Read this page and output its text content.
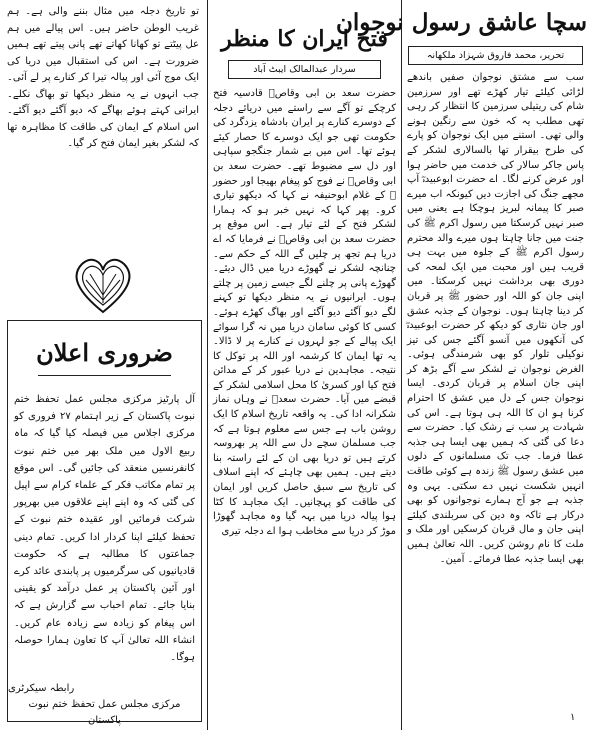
سچا عاشق رسول نوجوان
تحریر، محمد فاروق شہزاد ملکھانہ
سب سے مشتق نوجوان صفیں باندھے لڑائی کیلئے تیار کھڑے تھے اور سرزمین شام کی ریتیلی سرزمین کا انتظار کر رہی تھی مطلب یہ کہ خون سے رنگین ہونے والی تھی۔ استنے میں ایک نوجوان کو پارے کی طرح بیقرار تھا بالسالاری لشکر کے پاس جاکر سالار کی خدمت میں حاضر ہوا اور عرض کرنے لگا۔ اے حضرت ابوعبیدہؓ آپ مجھے جنگ کی اجازت دیں کیونکہ اب میرے صبر کا پیمانہ لبریز ہوچکا ہے یعنی میں صبر نہیں کرسکتا میں رسول اکرم ﷺ کی جنت میں جانا چاہتا ہوں میرے والد محترم رسول اکرم ﷺ کے جلوہ میں بہت ہی قریب ہیں اور محبت میں ایک لمحہ کی دوری بھی برداشت نہیں کرسکتا۔ میں اپنی جان کو اللہ اور حضور ﷺ پر قربان کر دینا چاہتا ہوں۔ نوجوان کے جذبہ عشق اور جان نثاری کو دیکھ کر حضرت ابوعبیدہؓ کی آنکھوں میں آنسو آگئے جس کی تیز نوکیلی تلوار کو بھی شرمندگی ہوئی۔ الغرض نوجوان نے لشکر سے آگے بڑھ کر اپنی جان اسلام پر قربان کردی۔ ایسا نوجوان جس کے دل میں عشق کا احترام کرنا ہو ان کا اللہ ہی ہوتا ہے۔ اس کی شہادت پر سب نے رشک کیا۔ حضرت سے دعا کی گئی کہ ہمیں بھی ایسا ہی جذبہ عطا فرما۔ جب تک مسلمانوں کے دلوں میں عشق رسول ﷺ زندہ ہے کوئی طاقت انہیں شکست نہیں دے سکتی۔ یہی وہ جذبہ ہے جو آج ہمارے نوجوانوں کو بھی درکار ہے تاکہ وہ دین کی سربلندی کیلئے اپنی جان و مال قربان کرسکیں اور ملک و ملت کا نام روشن کریں۔ اللہ تعالیٰ ہمیں بھی ایسا جذبہ عطا فرمائے۔ آمین۔
فتح ایران کا منظر
سردار عبدالمالک ایبٹ آباد
حضرت سعد بن ابی وقاصؓ قادسیہ فتح کرچکے تو آگے سے راستے میں دریائے دجلہ کے دوسرے کنارے پر ایران بادشاہ یزدگرد کی حکومت تھی جو ایک دوسرے کا حصار کیئے ہوئے تھا۔ اس میں بے شمار جنگجو سپاہی اور دل سے مضبوط تھے۔ حضرت سعد بن ابی وقاصؓ نے فوج کو پیغام بھیجا اور حضور ﷺ کے غلام ابوحنیفہ نے کہا کہ دیکھو تیاری کرو۔ پھر کہا کہ نہیں خبر ہو کہ ہمارا لشکر فتح کے لئے تیار ہے۔ اس موقع پر حضرت سعد بن ابی وقاصؓ نے فرمایا کہ اے دریا ہم تجھ پر چلیں گے اللہ کے حکم سے۔ چنانچہ لشکر نے گھوڑے دریا میں ڈال دیئے۔ گھوڑے پانی پر چلنے لگے جیسے زمین پر چلتے ہوں۔ ایرانیوں نے یہ منظر دیکھا تو کہنے لگے دیو آگئے دیو آگئے اور بھاگ کھڑے ہوئے۔ کسی کا کوئی سامان دریا میں نہ گرا سوائے ایک پیالے کے جو لہروں نے کنارے پر لا ڈالا۔ یہ تھا ایمان کا کرشمہ اور اللہ پر توکل کا نتیجہ۔ مجاہدین نے دریا عبور کر کے مدائن فتح کیا اور کسریٰ کا محل اسلامی لشکر کے قبضے میں آیا۔ حضرت سعدؓ نے وہاں نماز شکرانہ ادا کی۔ یہ واقعہ تاریخ اسلام کا ایک روشن باب ہے جس سے معلوم ہوتا ہے کہ جب مسلمان سچے دل سے اللہ پر بھروسہ کرتے ہیں تو دریا بھی ان کے لئے راستہ بنا دیتے ہیں۔ ہمیں بھی چاہئے کہ اپنے اسلاف کی تاریخ سے سبق حاصل کریں اور ایمان کی طاقت کو پہچانیں۔ ایک مجاہد کا کٹا ہوا پیالہ دریا میں بہہ گیا وہ مجاہد گھوڑا موڑ کر دریا سے مخاطب ہوا اے دجلہ تیری
تو تاریخ دجلہ میں مثال بننے والی ہے۔ ہم غریب الوطن حاضر ہیں۔ اس پیالے میں ہم عل پیٹتے تو کھانا کھاتے تھے پانی پیتے تھے ہمیں ضرورت ہے۔ اس کی استقبال میں دریا کی ایک موج آئی اور پیالہ تیرا کر کنارے پر لے آئی۔ جب انہوں نے یہ منظر دیکھا تو بھاگ نکلے۔ ایرانی کہتے ہوئے بھاگے کہ دیو آگئے دیو آگئے۔ اس اسلام کے ایمان کی طاقت کا مظاہرہ تھا کہ لشکر بغیر ایمان فتح کر گیا۔
ضروری اعلان
آل پارٹیز مرکزی مجلس عمل تحفظ ختم نبوت پاکستان کے زیر اہتمام ۲۷ فروری کو مرکزی اجلاس میں فیصلہ کیا گیا کہ ماہ ربیع الاول میں ملک بھر میں ختم نبوت کانفرنسیں منعقد کی جائیں گی۔ اس موقع پر تمام مکاتب فکر کے علماء کرام سے اپیل کی گئی کہ وہ اپنے اپنے علاقوں میں بھرپور شرکت فرمائیں اور عقیدہ ختم نبوت کے تحفظ کیلئے اپنا کردار ادا کریں۔ تمام دینی جماعتوں کا مطالبہ ہے کہ حکومت قادیانیوں کی سرگرمیوں پر پابندی عائد کرے اور آئین پاکستان پر عمل درآمد کو یقینی بنایا جائے۔ تمام احباب سے گزارش ہے کہ اس پیغام کو زیادہ سے زیادہ عام کریں۔ انشاء اللہ تعالیٰ آپ کا تعاون ہمارا حوصلہ ہوگا۔
رابطہ سیکرٹری
مرکزی مجلس عمل تحفظ ختم نبوت پاکستان	۱
